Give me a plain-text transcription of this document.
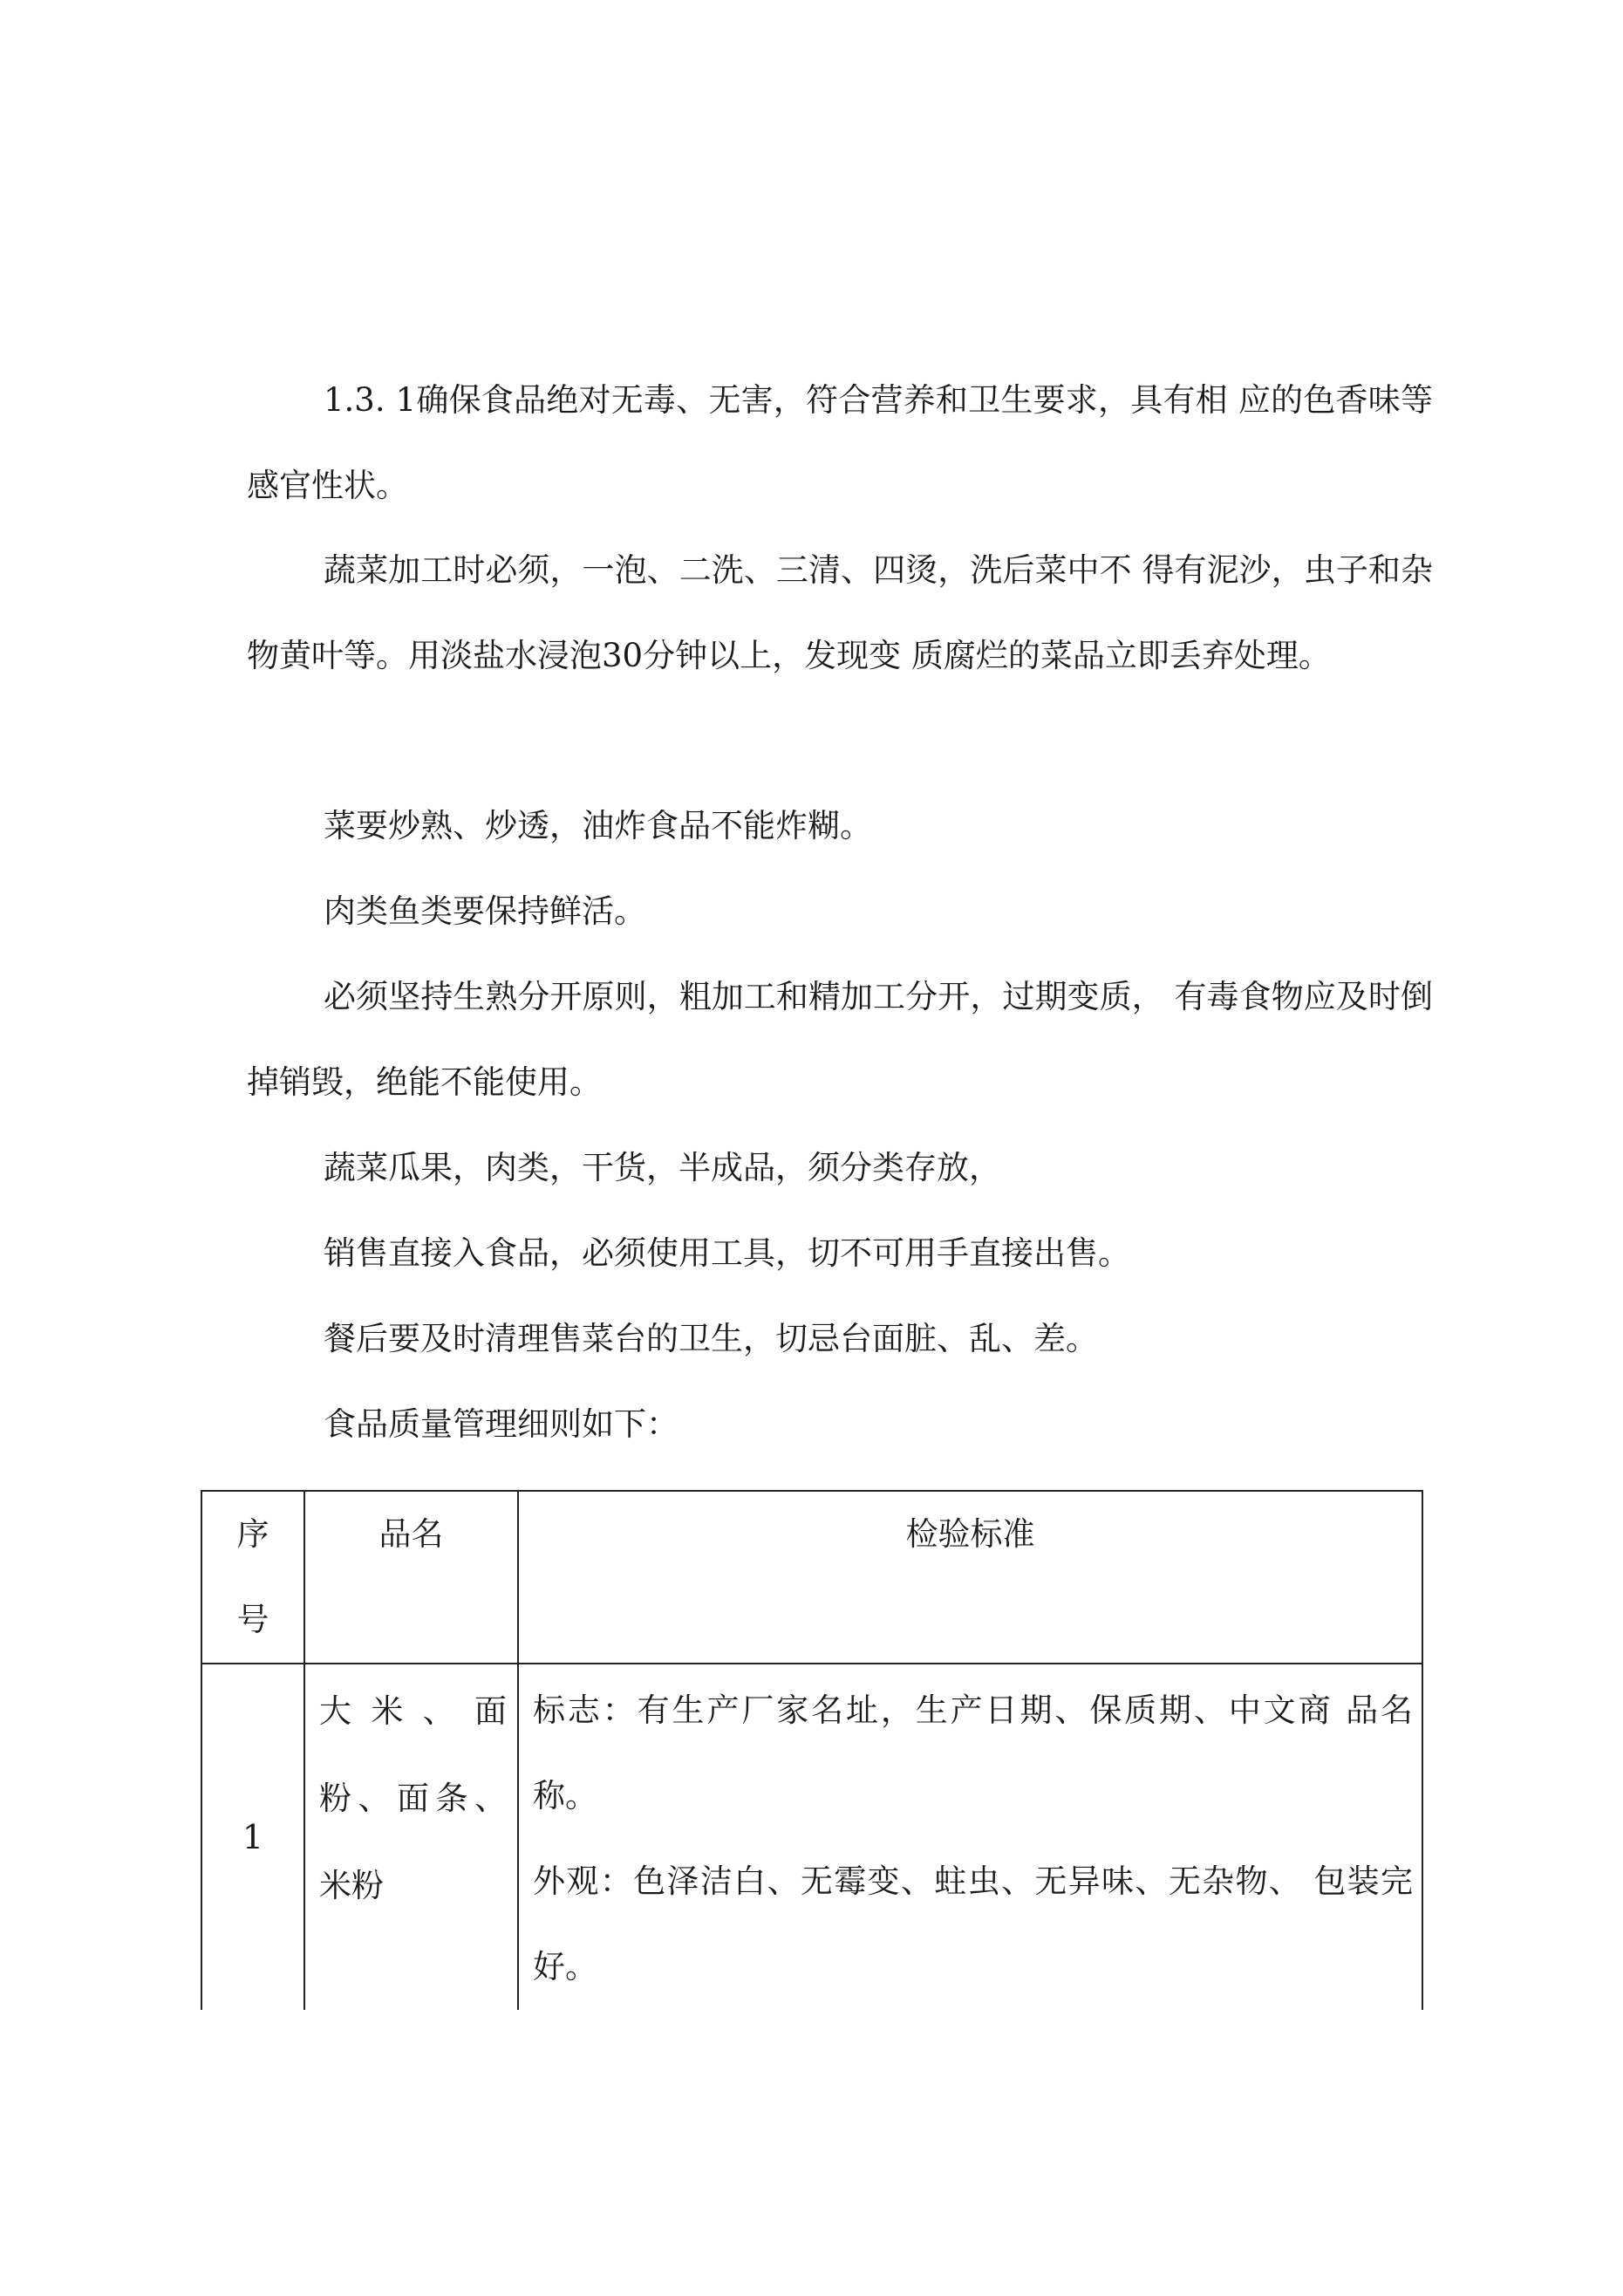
1.3. 1确保食品绝对无毒、无害，符合营养和卫生要求，具有相 应的色香味等感官性状。

蔬菜加工时必须，一泡、二洗、三清、四烫，洗后菜中不 得有泥沙，虫子和杂物黄叶等。用淡盐水浸泡30分钟以上，发现变 质腐烂的菜品立即丢弃处理。

菜要炒熟、炒透，油炸食品不能炸糊。

肉类鱼类要保持鲜活。

必须坚持生熟分开原则，粗加工和精加工分开，过期变质， 有毒食物应及时倒掉销毁，绝能不能使用。

蔬菜瓜果，肉类，干货，半成品，须分类存放，

销售直接入食品，必须使用工具，切不可用手直接出售。

餐后要及时清理售菜台的卫生，切忌台面脏、乱、差。

食品质量管理细则如下：

序
号	品名	检验标准
1	大米、面粉、面条、米粉	标志：有生产厂家名址，生产日期、保质期、中文商 品名称。

外观：色泽洁白、无霉变、蛀虫、无异味、无杂物、 包装完好。
